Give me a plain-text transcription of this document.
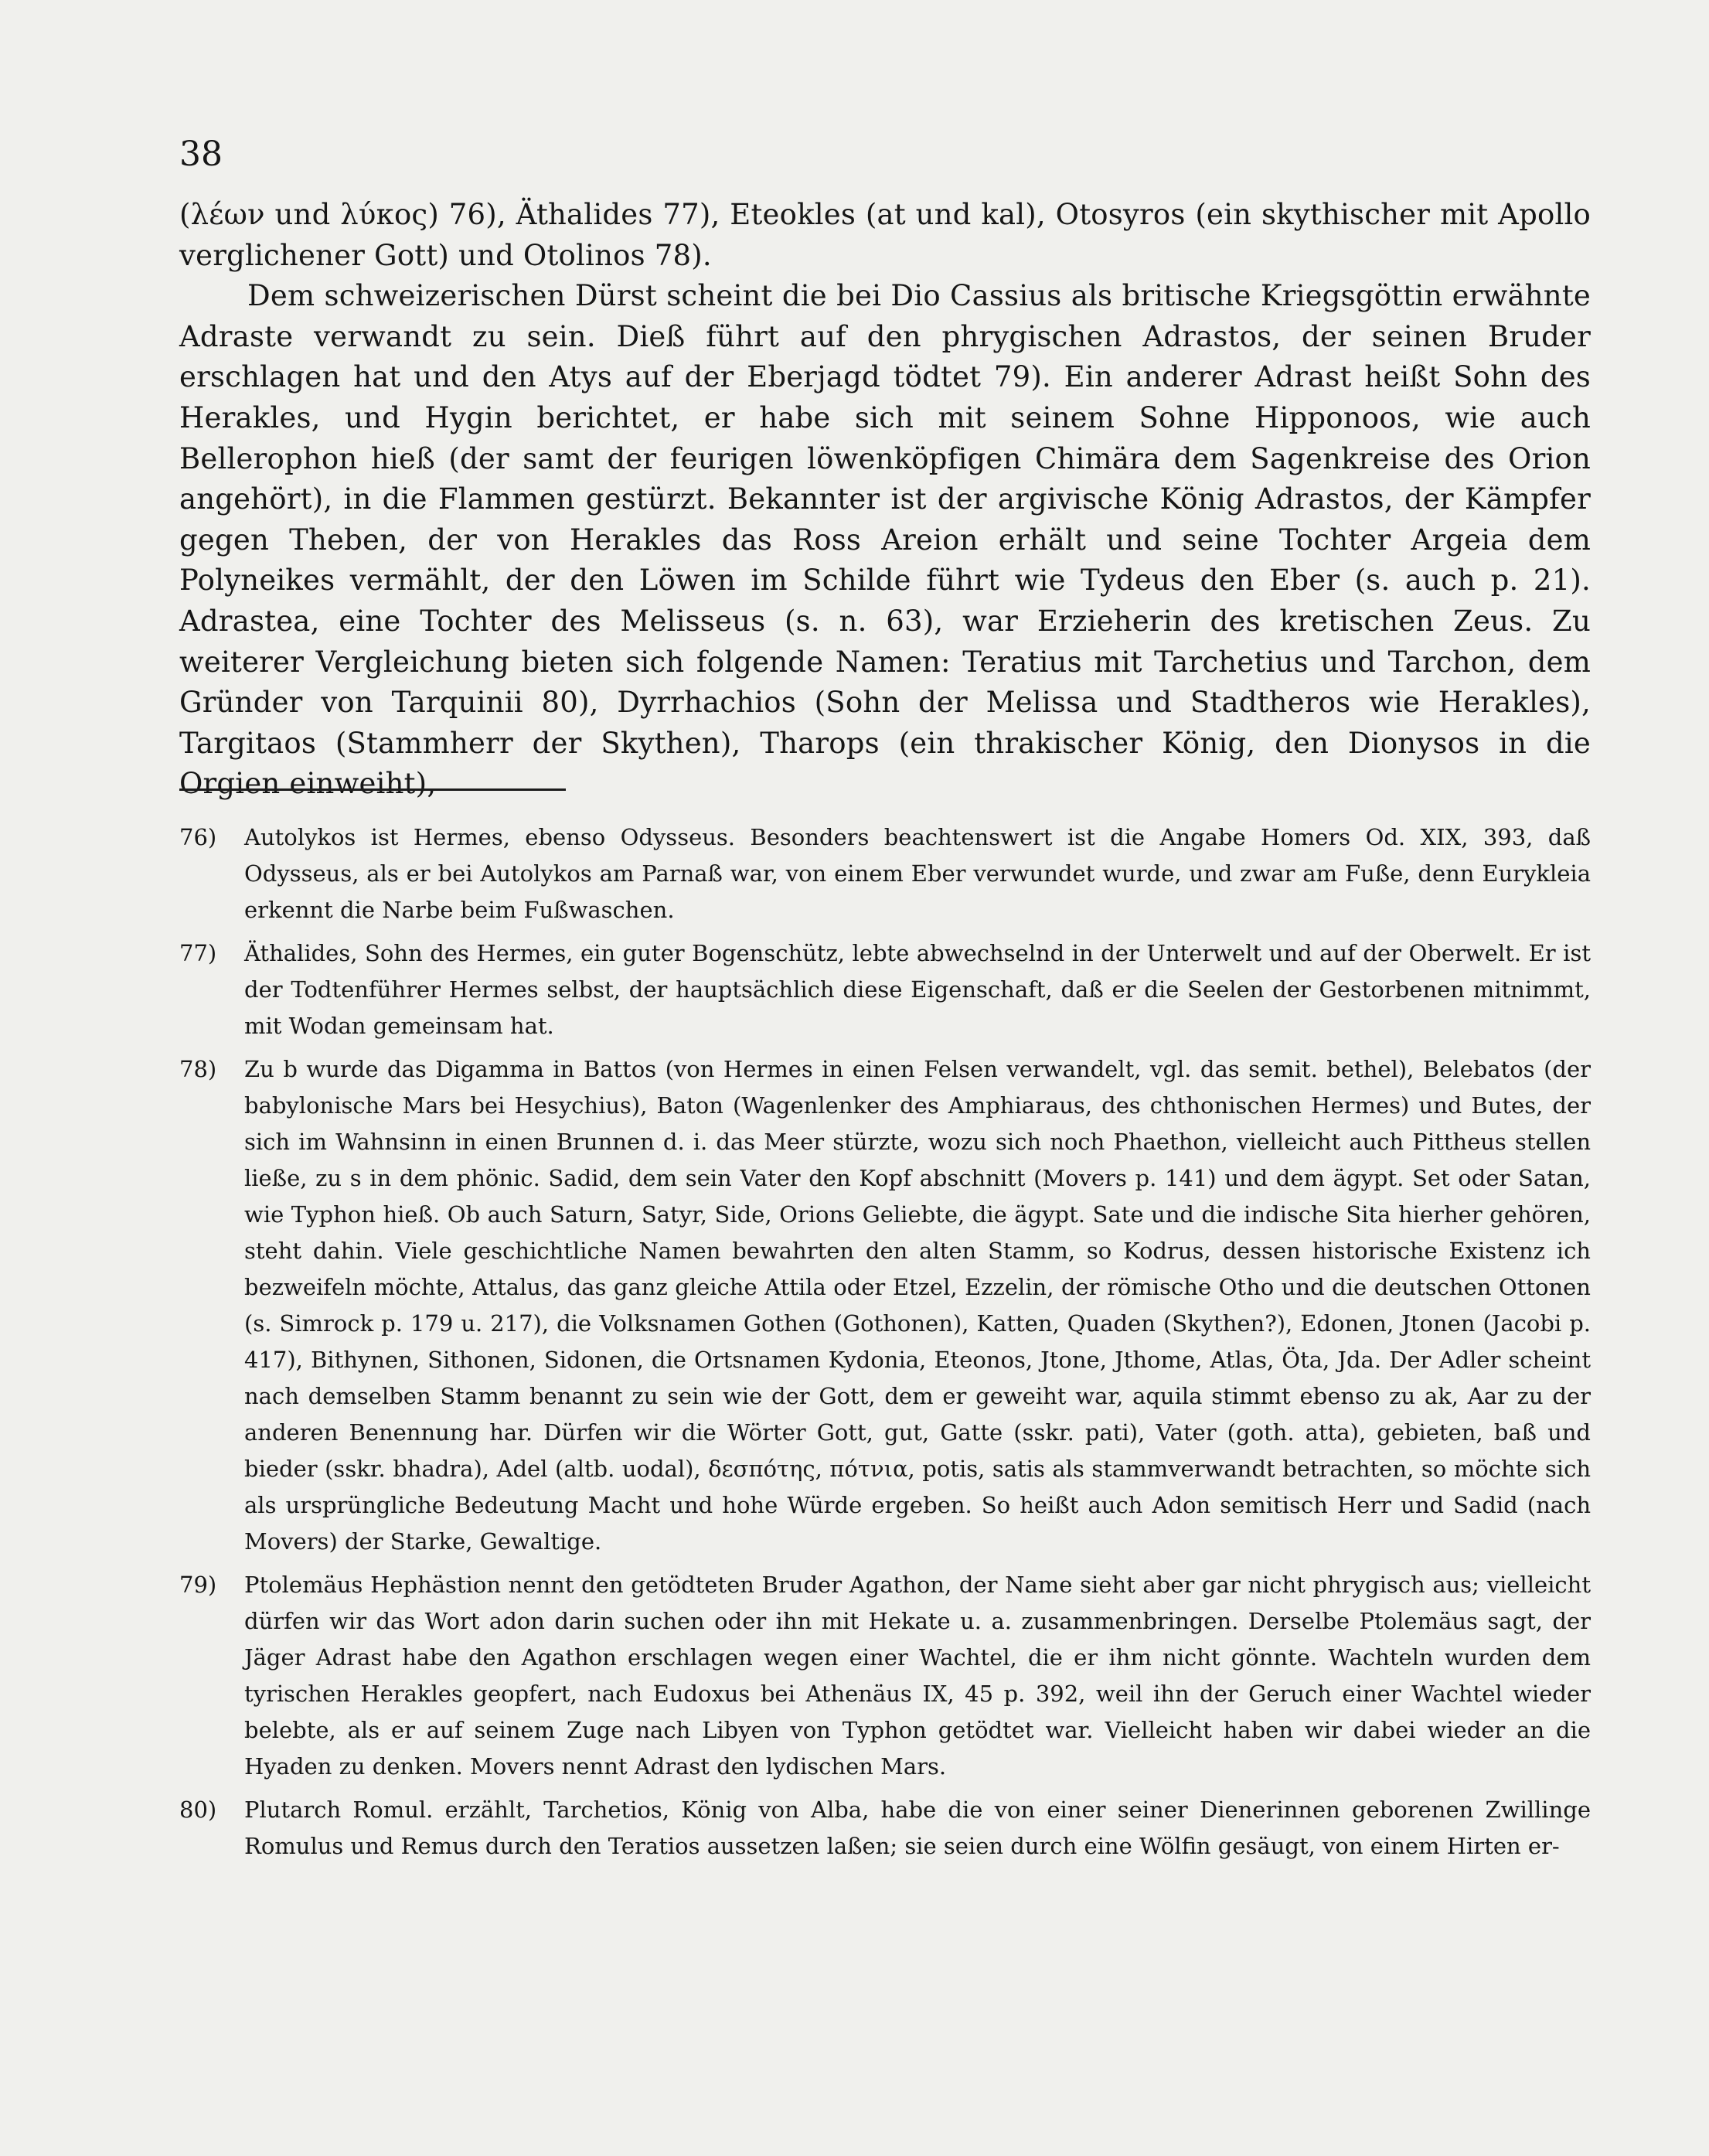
38

(λέων und λύκος) 76), Äthalides 77), Eteokles (at und kal), Otosyros (ein skythischer mit Apollo verglichener Gott) und Otolinos 78).

Dem schweizerischen Dürst scheint die bei Dio Cassius als britische Kriegsgöttin erwähnte Adraste verwandt zu sein. Dieß führt auf den phrygischen Adrastos, der seinen Bruder erschlagen hat und den Atys auf der Eberjagd tödtet 79). Ein anderer Adrast heißt Sohn des Herakles, und Hygin berichtet, er habe sich mit seinem Sohne Hipponoos, wie auch Bellerophon hieß (der samt der feurigen löwenköpfigen Chimära dem Sagenkreise des Orion angehört), in die Flammen gestürzt. Bekannter ist der argivische König Adrastos, der Kämpfer gegen Theben, der von Herakles das Ross Areion erhält und seine Tochter Argeia dem Polyneikes vermählt, der den Löwen im Schilde führt wie Tydeus den Eber (s. auch p. 21). Adrastea, eine Tochter des Melisseus (s. n. 63), war Erzieherin des kretischen Zeus. Zu weiterer Vergleichung bieten sich folgende Namen: Teratius mit Tarchetius und Tarchon, dem Gründer von Tarquinii 80), Dyrrhachios (Sohn der Melissa und Stadtheros wie Herakles), Targitaos (Stammherr der Skythen), Tharops (ein thrakischer König, den Dionysos in die Orgien einweiht),

76)	Autolykos ist Hermes, ebenso Odysseus. Besonders beachtenswert ist die Angabe Homers Od. XIX, 393, daß Odysseus, als er bei Autolykos am Parnaß war, von einem Eber verwundet wurde, und zwar am Fuße, denn Eurykleia erkennt die Narbe beim Fußwaschen.
77)	Äthalides, Sohn des Hermes, ein guter Bogenschütz, lebte abwechselnd in der Unterwelt und auf der Oberwelt. Er ist der Todtenführer Hermes selbst, der hauptsächlich diese Eigenschaft, daß er die Seelen der Gestorbenen mitnimmt, mit Wodan gemeinsam hat.
78)	Zu b wurde das Digamma in Battos (von Hermes in einen Felsen verwandelt, vgl. das semit. bethel), Belebatos (der babylonische Mars bei Hesychius), Baton (Wagenlenker des Amphiaraus, des chthonischen Hermes) und Butes, der sich im Wahnsinn in einen Brunnen d. i. das Meer stürzte, wozu sich noch Phaethon, vielleicht auch Pittheus stellen ließe, zu s in dem phönic. Sadid, dem sein Vater den Kopf abschnitt (Movers p. 141) und dem ägypt. Set oder Satan, wie Typhon hieß. Ob auch Saturn, Satyr, Side, Orions Geliebte, die ägypt. Sate und die indische Sita hierher gehören, steht dahin. Viele geschichtliche Namen bewahrten den alten Stamm, so Kodrus, dessen historische Existenz ich bezweifeln möchte, Attalus, das ganz gleiche Attila oder Etzel, Ezzelin, der römische Otho und die deutschen Ottonen (s. Simrock p. 179 u. 217), die Volksnamen Gothen (Gothonen), Katten, Quaden (Skythen?), Edonen, Jtonen (Jacobi p. 417), Bithynen, Sithonen, Sidonen, die Ortsnamen Kydonia, Eteonos, Jtone, Jthome, Atlas, Öta, Jda. Der Adler scheint nach demselben Stamm benannt zu sein wie der Gott, dem er geweiht war, aquila stimmt ebenso zu ak, Aar zu der anderen Benennung har. Dürfen wir die Wörter Gott, gut, Gatte (sskr. pati), Vater (goth. atta), gebieten, baß und bieder (sskr. bhadra), Adel (altb. uodal), δεσπότης, πότνια, potis, satis als stammverwandt betrachten, so möchte sich als ursprüngliche Bedeutung Macht und hohe Würde ergeben. So heißt auch Adon semitisch Herr und Sadid (nach Movers) der Starke, Gewaltige.
79)	Ptolemäus Hephästion nennt den getödteten Bruder Agathon, der Name sieht aber gar nicht phrygisch aus; vielleicht dürfen wir das Wort adon darin suchen oder ihn mit Hekate u. a. zusammenbringen. Derselbe Ptolemäus sagt, der Jäger Adrast habe den Agathon erschlagen wegen einer Wachtel, die er ihm nicht gönnte. Wachteln wurden dem tyrischen Herakles geopfert, nach Eudoxus bei Athenäus IX, 45 p. 392, weil ihn der Geruch einer Wachtel wieder belebte, als er auf seinem Zuge nach Libyen von Typhon getödtet war. Vielleicht haben wir dabei wieder an die Hyaden zu denken. Movers nennt Adrast den lydischen Mars.
80)	Plutarch Romul. erzählt, Tarchetios, König von Alba, habe die von einer seiner Dienerinnen geborenen Zwillinge Romulus und Remus durch den Teratios aussetzen laßen; sie seien durch eine Wölfin gesäugt, von einem Hirten er-
